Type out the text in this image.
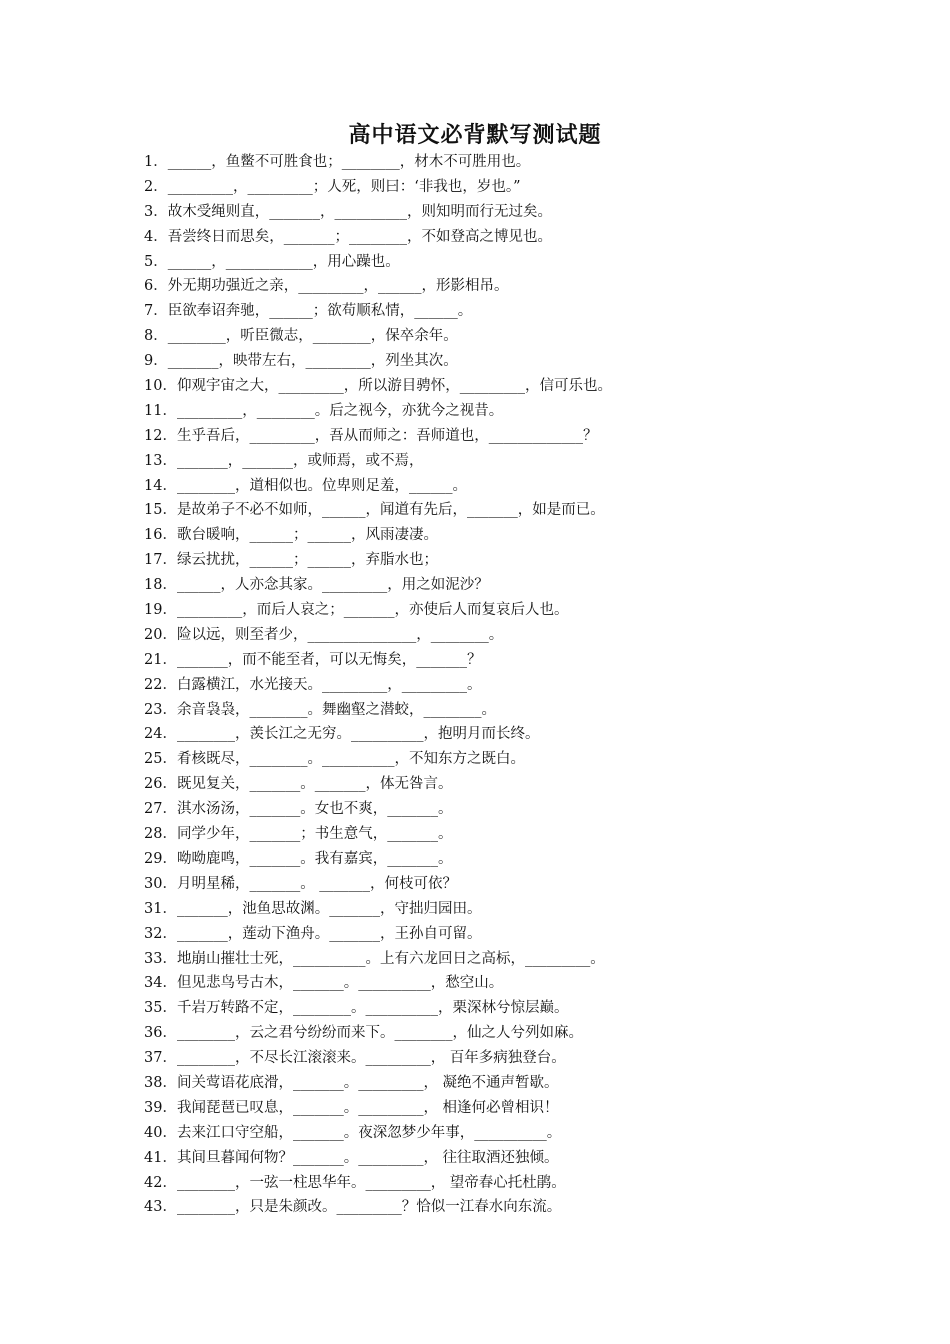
高中语文必背默写测试题
1．______，鱼鳖不可胜食也；________，材木不可胜用也。
2．_________，_________；人死，则曰：‘非我也，岁也。”
3．故木受绳则直，_______，__________，则知明而行无过矣。
4．吾尝终日而思矣，_______；________，不如登高之博见也。
5．______，____________，用心躁也。
6．外无期功强近之亲，_________，______，形影相吊。
7．臣欲奉诏奔驰，______；欲苟顺私情，______。
8．________，听臣微志，________，保卒余年。
9．_______，映带左右，_________，列坐其次。
10．仰观宇宙之大，_________，所以游目骋怀，_________，信可乐也。
11．_________，________。后之视今，亦犹今之视昔。
12．生乎吾后，_________，吾从而师之：吾师道也，_____________？
13．_______，_______，或师焉，或不焉，
14．________，道相似也。位卑则足羞，______。
15．是故弟子不必不如师，______，闻道有先后，_______，如是而已。
16．歌台暖响，______；______，风雨凄凄。
17．绿云扰扰，______；______，弃脂水也；
18．______，人亦念其家。_________，用之如泥沙？
19．_________，而后人哀之；_______，亦使后人而复哀后人也。
20．险以远，则至者少，_______________，________。
21．_______，而不能至者，可以无悔矣，_______？
22．白露横江，水光接天。_________，_________。
23．余音袅袅，________。舞幽壑之潜蛟，________。
24．________，羡长江之无穷。__________，抱明月而长终。
25．肴核既尽，________。__________，不知东方之既白。
26．既见复关，_______。_______，体无咎言。
27．淇水汤汤，_______。女也不爽，_______。
28．同学少年，_______；书生意气，_______。
29．呦呦鹿鸣，_______。我有嘉宾，_______。
30．月明星稀，_______。 _______，何枝可依？
31．_______，池鱼思故渊。_______，守拙归园田。
32．_______，莲动下渔舟。_______，王孙自可留。
33．地崩山摧壮士死，__________。上有六龙回日之高标，_________。
34．但见悲鸟号古木，_______。__________，愁空山。
35．千岩万转路不定，________。__________，栗深林兮惊层巅。
36．________，云之君兮纷纷而来下。________，仙之人兮列如麻。
37．________，不尽长江滚滚来。_________， 百年多病独登台。
38．间关莺语花底滑，_______。_________， 凝绝不通声暂歇。
39．我闻琵琶已叹息，_______。_________， 相逢何必曾相识！
40．去来江口守空船，_______。夜深忽梦少年事，__________。
41．其间旦暮闻何物？_______。_________， 往往取酒还独倾。
42．________，一弦一柱思华年。_________， 望帝春心托杜鹃。
43．________，只是朱颜改。_________？恰似一江春水向东流。
